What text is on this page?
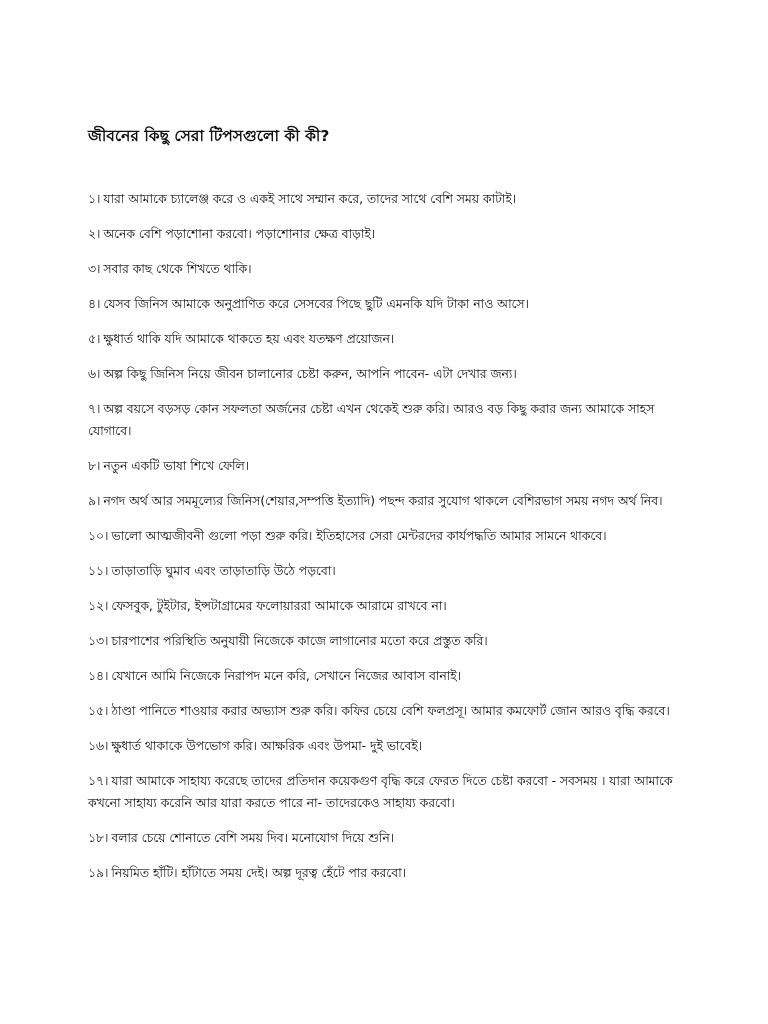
জীবনের কিছু সেরা টিপসগুলো কী কী?
১। যারা আমাকে চ্যালেঞ্জ করে ও একই সাথে সম্মান করে, তাদের সাথে বেশি সময় কাটাই।
২। অনেক বেশি পড়াশোনা করবো। পড়াশোনার ক্ষেত্র বাড়াই।
৩। সবার কাছ থেকে শিখতে থাকি।
৪। যেসব জিনিস আমাকে অনুপ্রাণিত করে সেসবের পিছে ছুটি এমনকি যদি টাকা নাও আসে।
৫। ক্ষুধার্ত থাকি যদি আমাকে থাকতে হয় এবং যতক্ষণ প্রয়োজন।
৬। অল্প কিছু জিনিস নিয়ে জীবন চালানোর চেষ্টা করুন, আপনি পাবেন- এটা দেখার জন্য।
৭। অল্প বয়সে বড়সড় কোন সফলতা অর্জনের চেষ্টা এখন থেকেই শুরু করি। আরও বড় কিছু করার জন্য আমাকে সাহস যোগাবে।
৮। নতুন একটি ভাষা শিখে ফেলি।
৯। নগদ অর্থ আর সমমূল্যের জিনিস(শেয়ার,সম্পত্তি ইত্যাদি) পছন্দ করার সুযোগ থাকলে বেশিরভাগ সময় নগদ অর্থ নিব।
১০। ভালো আত্মজীবনী গুলো পড়া শুরু করি। ইতিহাসের সেরা মেন্টরদের কার্যপদ্ধতি আমার সামনে থাকবে।
১১। তাড়াতাড়ি ঘুমাব এবং তাড়াতাড়ি উঠে পড়বো।
১২। ফেসবুক, টুইটার, ইন্সটাগ্রামের ফলোয়াররা আমাকে আরামে রাখবে না।
১৩। চারপাশের পরিস্থিতি অনুযায়ী নিজেকে কাজে লাগানোর মতো করে প্রস্তুত করি।
১৪। যেখানে আমি নিজেকে নিরাপদ মনে করি, সেখানে নিজের আবাস বানাই।
১৫। ঠাণ্ডা পানিতে শাওয়ার করার অভ্যাস শুরু করি। কফির চেয়ে বেশি ফলপ্রসূ। আমার কমফোর্ট জোন আরও বৃদ্ধি করবে।
১৬। ক্ষুধার্ত থাকাকে উপভোগ করি। আক্ষরিক এবং উপমা- দুই ভাবেই।
১৭। যারা আমাকে সাহায্য করেছে তাদের প্রতিদান কয়েকগুণ বৃদ্ধি করে ফেরত দিতে চেষ্টা করবো - সবসময় । যারা আমাকে কখনো সাহায্য করেনি আর যারা করতে পারে না- তাদেরকেও সাহায্য করবো।
১৮। বলার চেয়ে শোনাতে বেশি সময় দিব। মনোযোগ দিয়ে শুনি।
১৯। নিয়মিত হাঁটি। হাঁটাতে সময় দেই। অল্প দূরত্ব হেঁটে পার করবো।
